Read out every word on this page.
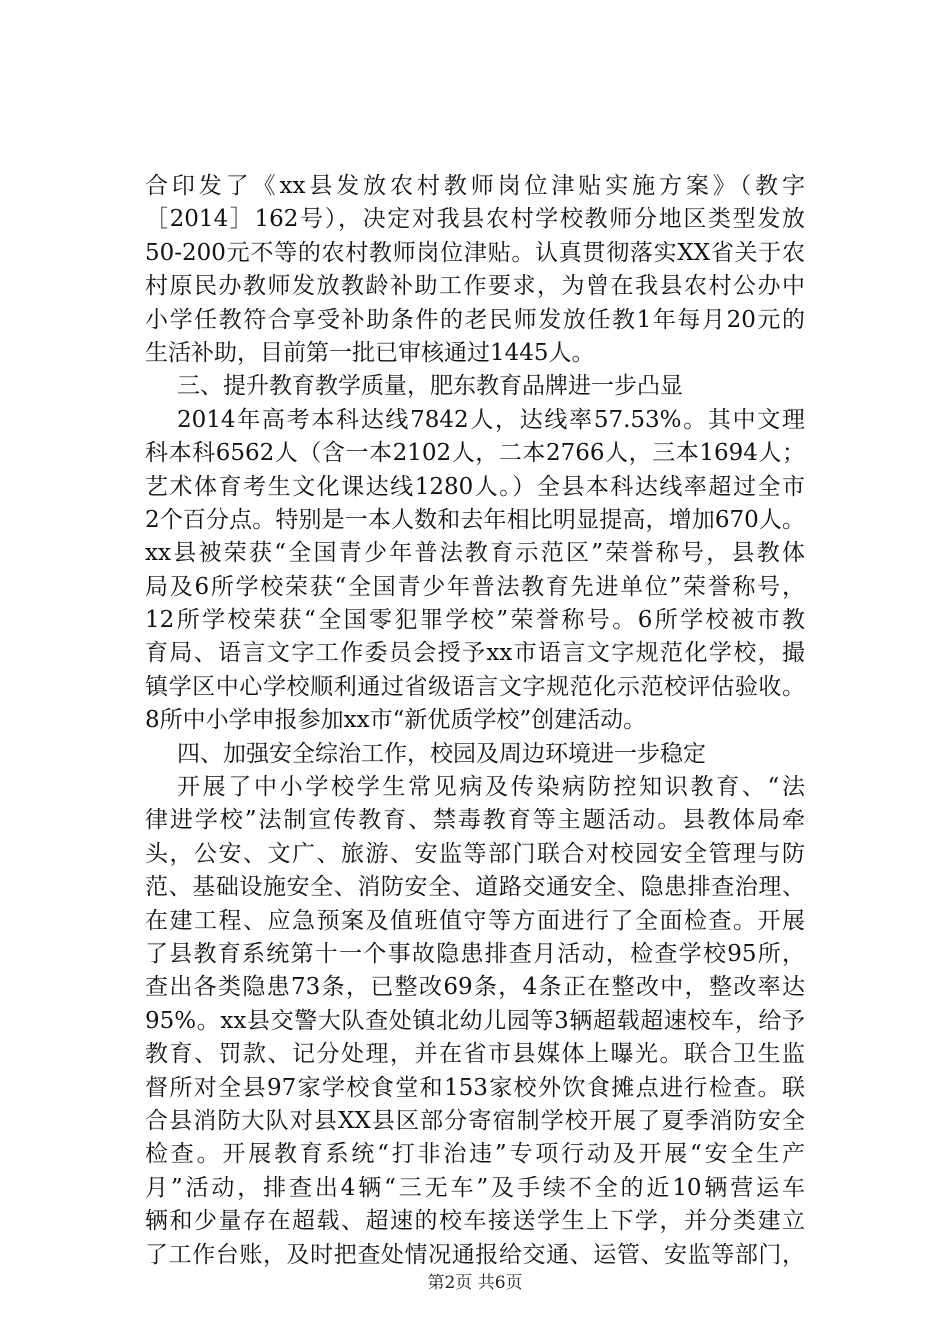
合印发了《xx县发放农村教师岗位津贴实施方案》（教字
［2014］162号），决定对我县农村学校教师分地区类型发放
50-200元不等的农村教师岗位津贴。认真贯彻落实XX省关于农
村原民办教师发放教龄补助工作要求，为曾在我县农村公办中
小学任教符合享受补助条件的老民师发放任教1年每月20元的
生活补助，目前第一批已审核通过1445人。
三、提升教育教学质量，肥东教育品牌进一步凸显
2014年高考本科达线7842人，达线率57.53%。其中文理
科本科6562人（含一本2102人，二本2766人，三本1694人；
艺术体育考生文化课达线1280人。）全县本科达线率超过全市
2个百分点。特别是一本人数和去年相比明显提高，增加670人。
xx县被荣获“全国青少年普法教育示范区”荣誉称号，县教体
局及6所学校荣获“全国青少年普法教育先进单位”荣誉称号，
12所学校荣获“全国零犯罪学校”荣誉称号。6所学校被市教
育局、语言文字工作委员会授予xx市语言文字规范化学校，撮
镇学区中心学校顺利通过省级语言文字规范化示范校评估验收。
8所中小学申报参加xx市“新优质学校”创建活动。
四、加强安全综治工作，校园及周边环境进一步稳定
开展了中小学校学生常见病及传染病防控知识教育、“法
律进学校”法制宣传教育、禁毒教育等主题活动。县教体局牵
头，公安、文广、旅游、安监等部门联合对校园安全管理与防
范、基础设施安全、消防安全、道路交通安全、隐患排查治理、
在建工程、应急预案及值班值守等方面进行了全面检查。开展
了县教育系统第十一个事故隐患排查月活动，检查学校95所，
查出各类隐患73条，已整改69条，4条正在整改中，整改率达
95%。xx县交警大队查处镇北幼儿园等3辆超载超速校车，给予
教育、罚款、记分处理，并在省市县媒体上曝光。联合卫生监
督所对全县97家学校食堂和153家校外饮食摊点进行检查。联
合县消防大队对县XX县区部分寄宿制学校开展了夏季消防安全
检查。开展教育系统“打非治违”专项行动及开展“安全生产
月”活动，排查出4辆“三无车”及手续不全的近10辆营运车
辆和少量存在超载、超速的校车接送学生上下学，并分类建立
了工作台账，及时把查处情况通报给交通、运管、安监等部门，
第2页 共6页
